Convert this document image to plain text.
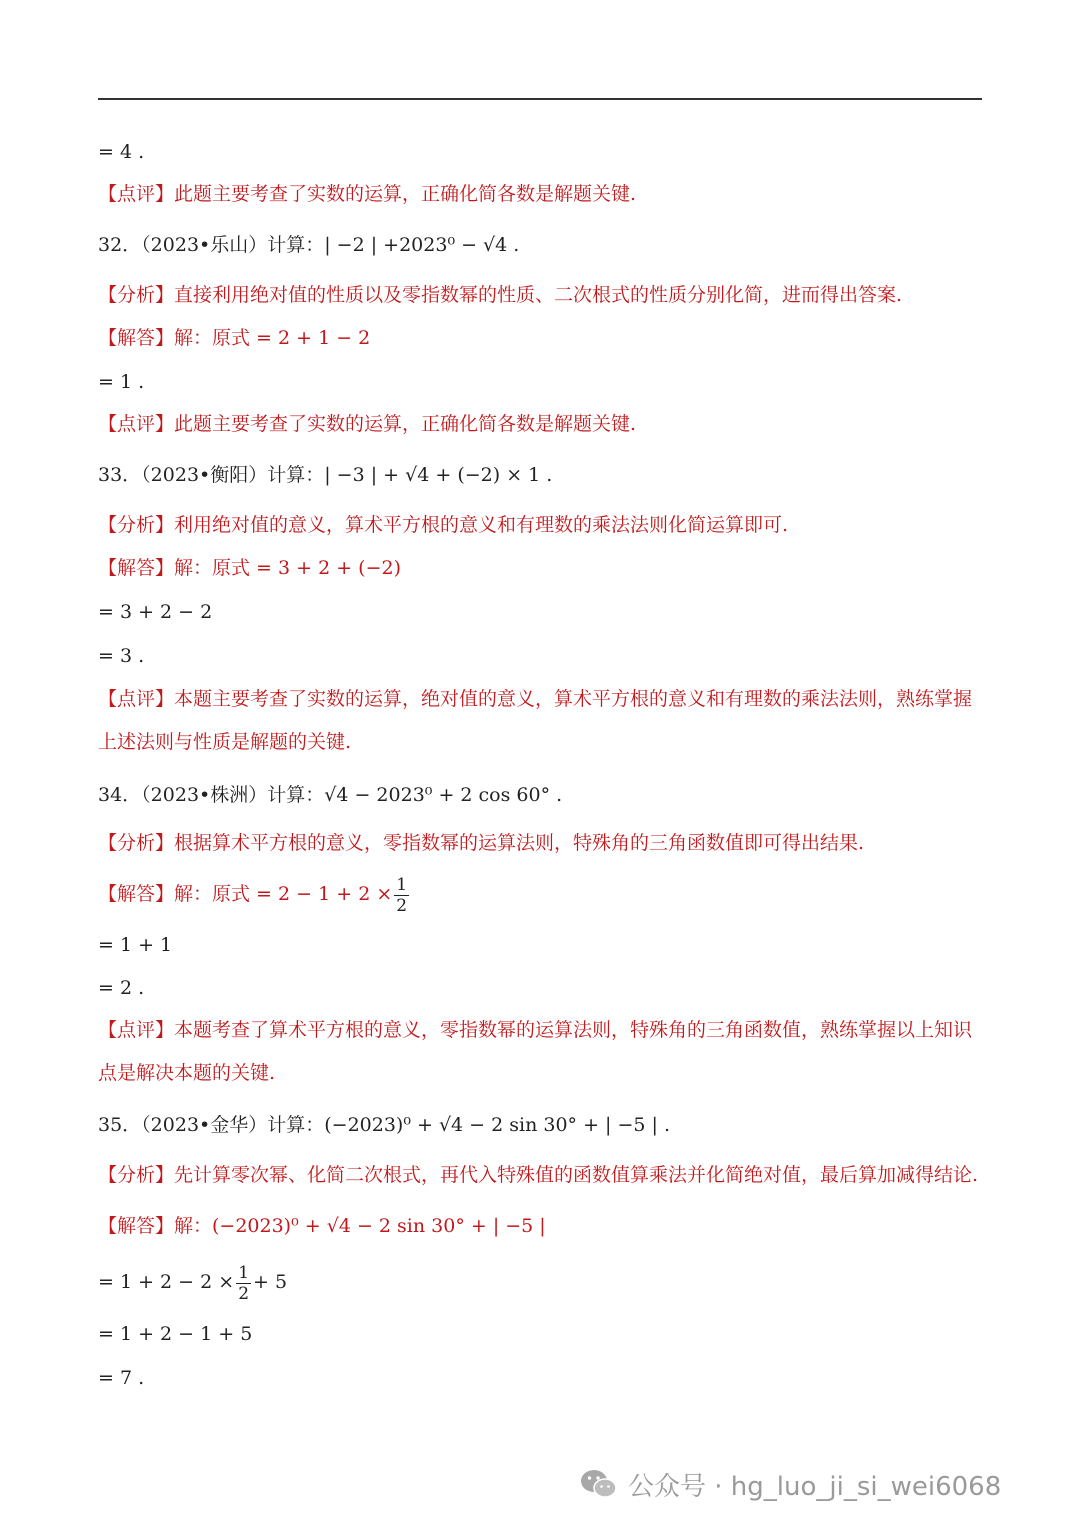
= 4 .
【点评】此题主要考查了实数的运算，正确化简各数是解题关键.
32．（2023•乐山）计算：| −2 | +2023⁰ − √4 .
【分析】直接利用绝对值的性质以及零指数幂的性质、二次根式的性质分别化简，进而得出答案.
【解答】解：原式 = 2 + 1 − 2
= 1 .
【点评】此题主要考查了实数的运算，正确化简各数是解题关键.
33．（2023•衡阳）计算：| −3 | + √4 + (−2) × 1 .
【分析】利用绝对值的意义，算术平方根的意义和有理数的乘法法则化简运算即可.
【解答】解：原式 = 3 + 2 + (−2)
= 3 + 2 − 2
= 3 .
【点评】本题主要考查了实数的运算，绝对值的意义，算术平方根的意义和有理数的乘法法则，熟练掌握
上述法则与性质是解题的关键.
34．（2023•株洲）计算：√4 − 2023⁰ + 2 cos 60° .
【分析】根据算术平方根的意义，零指数幂的运算法则，特殊角的三角函数值即可得出结果.
【解答】解：原式 = $2 - 1 + 2 \times \frac{1}{2}$
= 1 + 1
= 2 .
【点评】本题考查了算术平方根的意义，零指数幂的运算法则，特殊角的三角函数值，熟练掌握以上知识
点是解决本题的关键.
35．（2023•金华）计算：(−2023)⁰ + √4 − 2 sin 30° + | −5 | .
【分析】先计算零次幂、化简二次根式，再代入特殊值的函数值算乘法并化简绝对值，最后算加减得结论.
【解答】解：(−2023)⁰ + √4 − 2 sin 30° + | −5 |
= $1 + 2 - 2 \times \frac{1}{2} + 5$
= 1 + 2 − 1 + 5
= 7 .
公众号 · hg_luo_ji_si_wei6068
